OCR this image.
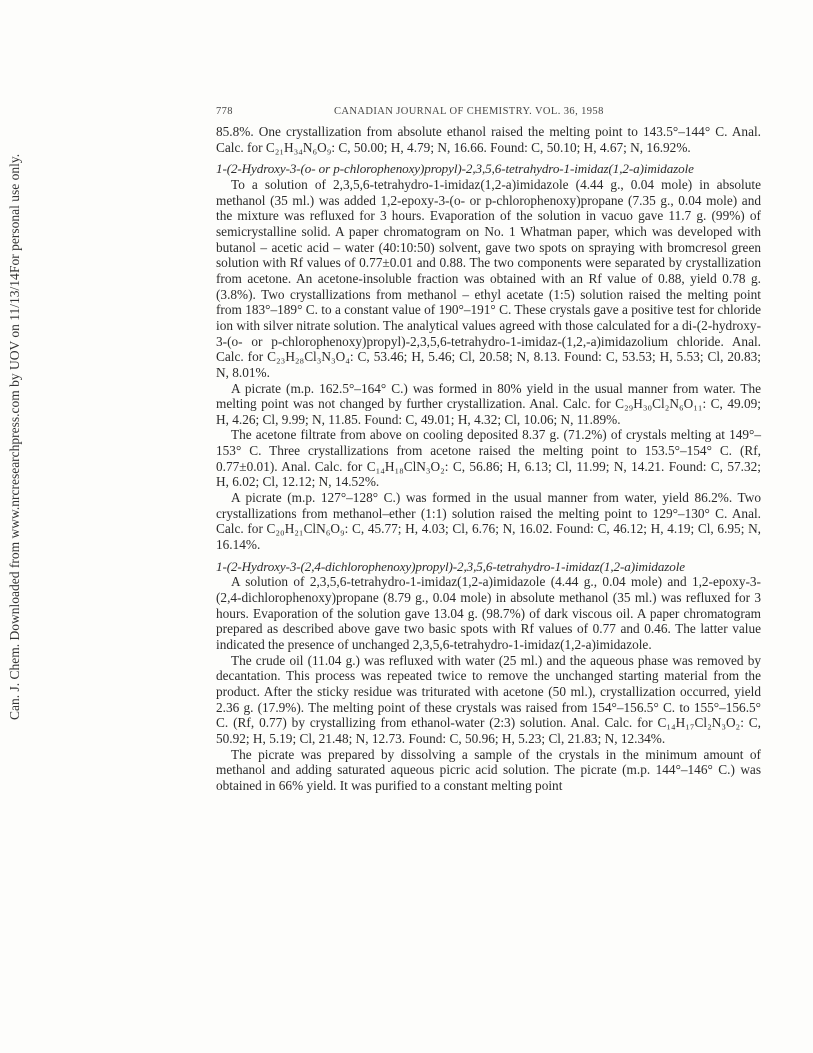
Can. J. Chem. Downloaded from www.nrcresearchpress.com by UOV on 11/13/14
For personal use only.
778	CANADIAN JOURNAL OF CHEMISTRY. VOL. 36, 1958

85.8%. One crystallization from absolute ethanol raised the melting point to 143.5°–144° C. Anal. Calc. for C₂₁H₃₄N₆O₉: C, 50.00; H, 4.79; N, 16.66. Found: C, 50.10; H, 4.67; N, 16.92%.

1-(2-Hydroxy-3-(o- or p-chlorophenoxy)propyl)-2,3,5,6-tetrahydro-1-imidaz(1,2-a)imidazole

To a solution of 2,3,5,6-tetrahydro-1-imidaz(1,2-a)imidazole (4.44 g., 0.04 mole) in absolute methanol (35 ml.) was added 1,2-epoxy-3-(o- or p-chlorophenoxy)propane (7.35 g., 0.04 mole) and the mixture was refluxed for 3 hours. Evaporation of the solution in vacuo gave 11.7 g. (99%) of semicrystalline solid. A paper chromatogram on No. 1 Whatman paper, which was developed with butanol – acetic acid – water (40:10:50) solvent, gave two spots on spraying with bromcresol green solution with Rf values of 0.77±0.01 and 0.88. The two components were separated by crystallization from acetone. An acetone-insoluble fraction was obtained with an Rf value of 0.88, yield 0.78 g. (3.8%). Two crystallizations from methanol – ethyl acetate (1:5) solution raised the melting point from 183°–189° C. to a constant value of 190°–191° C. These crystals gave a positive test for chloride ion with silver nitrate solution. The analytical values agreed with those calculated for a di-(2-hydroxy-3-(o- or p-chlorophenoxy)propyl)-2,3,5,6-tetrahydro-1-imidaz-(1,2,-a)imidazolium chloride. Anal. Calc. for C₂₃H₂₈Cl₃N₃O₄: C, 53.46; H, 5.46; Cl, 20.58; N, 8.13. Found: C, 53.53; H, 5.53; Cl, 20.83; N, 8.01%.

A picrate (m.p. 162.5°–164° C.) was formed in 80% yield in the usual manner from water. The melting point was not changed by further crystallization. Anal. Calc. for C₂₉H₃₀Cl₂N₆O₁₁: C, 49.09; H, 4.26; Cl, 9.99; N, 11.85. Found: C, 49.01; H, 4.32; Cl, 10.06; N, 11.89%.

The acetone filtrate from above on cooling deposited 8.37 g. (71.2%) of crystals melting at 149°–153° C. Three crystallizations from acetone raised the melting point to 153.5°–154° C. (Rf, 0.77±0.01). Anal. Calc. for C₁₄H₁₈ClN₃O₂: C, 56.86; H, 6.13; Cl, 11.99; N, 14.21. Found: C, 57.32; H, 6.02; Cl, 12.12; N, 14.52%.

A picrate (m.p. 127°–128° C.) was formed in the usual manner from water, yield 86.2%. Two crystallizations from methanol–ether (1:1) solution raised the melting point to 129°–130° C. Anal. Calc. for C₂₀H₂₁ClN₆O₉: C, 45.77; H, 4.03; Cl, 6.76; N, 16.02. Found: C, 46.12; H, 4.19; Cl, 6.95; N, 16.14%.

1-(2-Hydroxy-3-(2,4-dichlorophenoxy)propyl)-2,3,5,6-tetrahydro-1-imidaz(1,2-a)imidazole

A solution of 2,3,5,6-tetrahydro-1-imidaz(1,2-a)imidazole (4.44 g., 0.04 mole) and 1,2-epoxy-3-(2,4-dichlorophenoxy)propane (8.79 g., 0.04 mole) in absolute methanol (35 ml.) was refluxed for 3 hours. Evaporation of the solution gave 13.04 g. (98.7%) of dark viscous oil. A paper chromatogram prepared as described above gave two basic spots with Rf values of 0.77 and 0.46. The latter value indicated the presence of unchanged 2,3,5,6-tetrahydro-1-imidaz(1,2-a)imidazole.

The crude oil (11.04 g.) was refluxed with water (25 ml.) and the aqueous phase was removed by decantation. This process was repeated twice to remove the unchanged starting material from the product. After the sticky residue was triturated with acetone (50 ml.), crystallization occurred, yield 2.36 g. (17.9%). The melting point of these crystals was raised from 154°–156.5° C. to 155°–156.5° C. (Rf, 0.77) by crystallizing from ethanol-water (2:3) solution. Anal. Calc. for C₁₄H₁₇Cl₂N₃O₂: C, 50.92; H, 5.19; Cl, 21.48; N, 12.73. Found: C, 50.96; H, 5.23; Cl, 21.83; N, 12.34%.

The picrate was prepared by dissolving a sample of the crystals in the minimum amount of methanol and adding saturated aqueous picric acid solution. The picrate (m.p. 144°–146° C.) was obtained in 66% yield. It was purified to a constant melting point
